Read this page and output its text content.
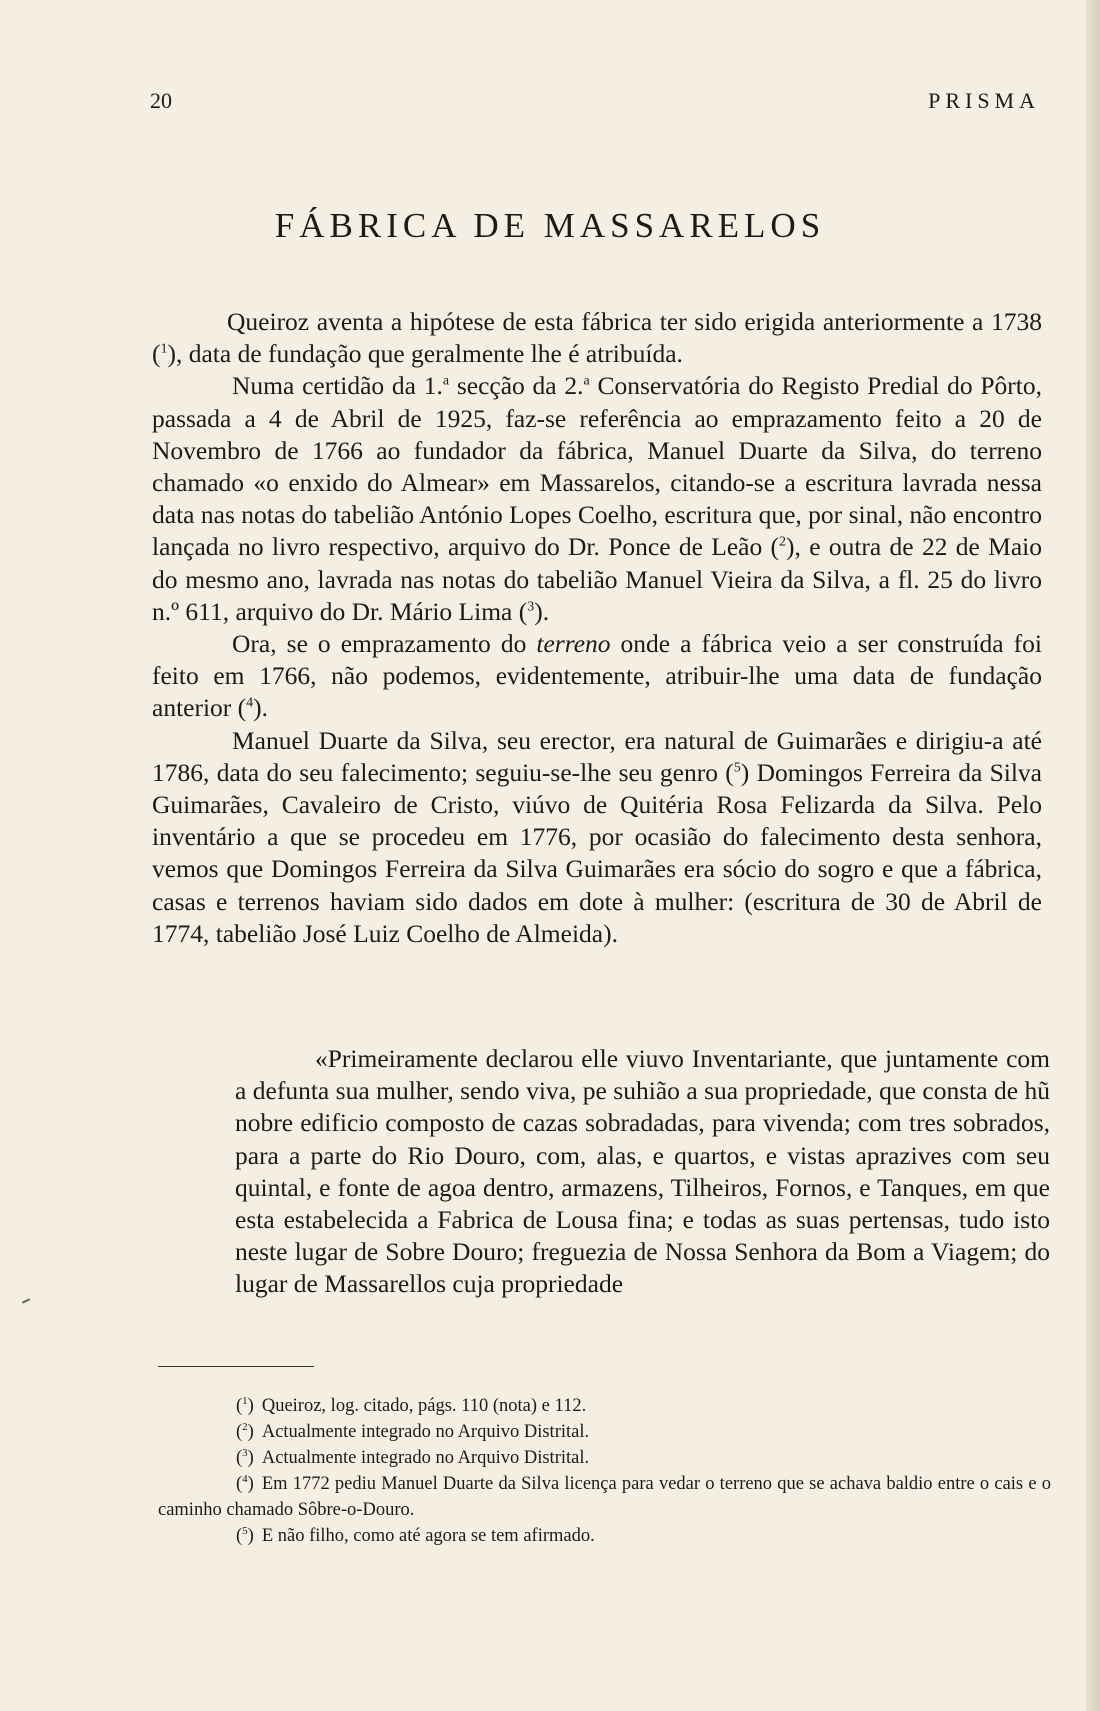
20	PRISMA
FÁBRICA DE MASSARELOS

Queiroz aventa a hipótese de esta fábrica ter sido erigida anteriormente a 1738 ($^1$), data de fundação que geralmente lhe é atribuída.

Numa certidão da 1.$^a$ secção da 2.$^a$ Conservatória do Registo Predial do Pôrto, passada a 4 de Abril de 1925, faz-se referência ao emprazamento feito a 20 de Novembro de 1766 ao fundador da fábrica, Manuel Duarte da Silva, do terreno chamado «o enxido do Almear» em Massarelos, citando-se a escritura lavrada nessa data nas notas do tabelião António Lopes Coelho, escritura que, por sinal, não encontro lançada no livro respectivo, arquivo do Dr. Ponce de Leão ($^2$), e outra de 22 de Maio do mesmo ano, lavrada nas notas do tabelião Manuel Vieira da Silva, a fl. 25 do livro n.º 611, arquivo do Dr. Mário Lima ($^3$).

Ora, se o emprazamento do terreno onde a fábrica veio a ser construída foi feito em 1766, não podemos, evidentemente, atribuir-lhe uma data de fundação anterior ($^4$).

Manuel Duarte da Silva, seu erector, era natural de Guimarães e dirigiu-a até 1786, data do seu falecimento; seguiu-se-lhe seu genro ($^5$) Domingos Ferreira da Silva Guimarães, Cavaleiro de Cristo, viúvo de Quitéria Rosa Felizarda da Silva. Pelo inventário a que se procedeu em 1776, por ocasião do falecimento desta senhora, vemos que Domingos Ferreira da Silva Guimarães era sócio do sogro e que a fábrica, casas e terrenos haviam sido dados em dote à mulher: (escritura de 30 de Abril de 1774, tabelião José Luiz Coelho de Almeida).

«Primeiramente declarou elle viuvo Inventariante, que juntamente com a defunta sua mulher, sendo viva, pe suhião a sua propriedade, que consta de hũ nobre edificio composto de cazas sobradadas, para vivenda; com tres sobrados, para a parte do Rio Douro, com, alas, e quartos, e vistas aprazives com seu quintal, e fonte de agoa dentro, armazens, Tilheiros, Fornos, e Tanques, em que esta estabelecida a Fabrica de Lousa fina; e todas as suas pertensas, tudo isto neste lugar de Sobre Douro; freguezia de Nossa Senhora da Bom a Viagem; do lugar de Massarellos cuja propriedade

($^1$) Queiroz, log. citado, págs. 110 (nota) e 112.

($^2$) Actualmente integrado no Arquivo Distrital.

($^3$) Actualmente integrado no Arquivo Distrital.

($^4$) Em 1772 pediu Manuel Duarte da Silva licença para vedar o terreno que se achava baldio entre o cais e o caminho chamado Sôbre-o-Douro.

($^5$) E não filho, como até agora se tem afirmado.
